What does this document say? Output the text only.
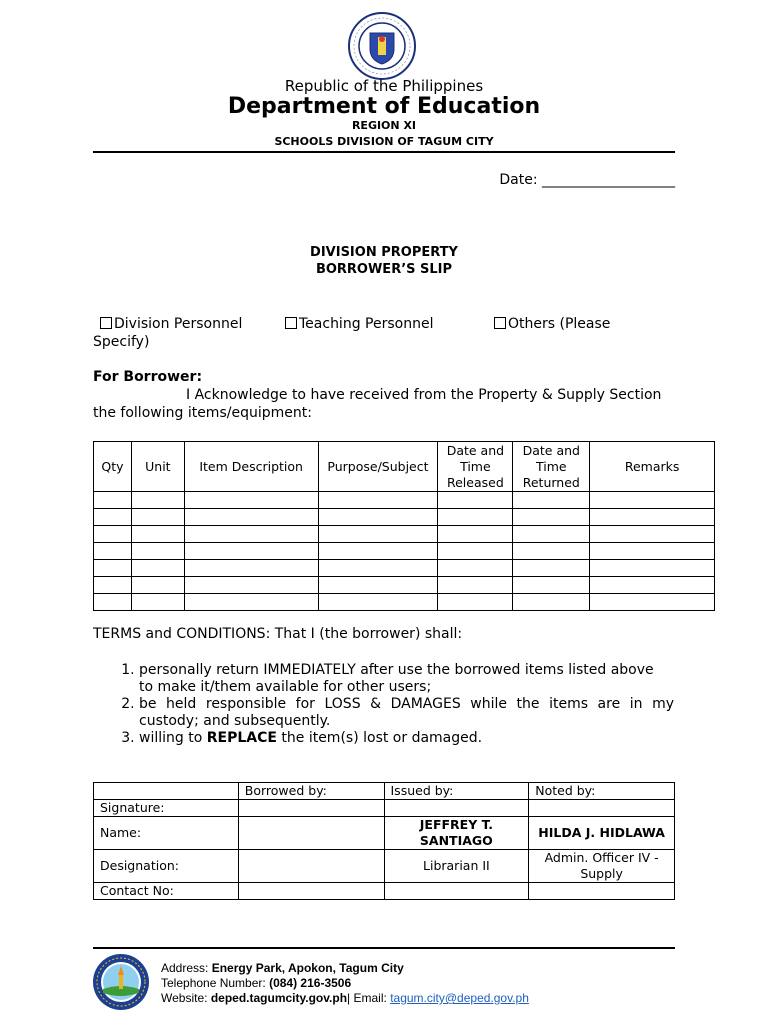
Republic of the Philippines
Department of Education
REGION XI
SCHOOLS DIVISION OF TAGUM CITY
Date: ___________________
DIVISION PROPERTY
BORROWER’S SLIP
Division Personnel	Teaching Personnel	Others (Please
Specify)
For Borrower:
I Acknowledge to have received from the Property & Supply Section
the following items/equipment:
Qty	Unit	Item Description	Purpose/Subject	Date and Time Released	Date and Time Returned	Remarks

TERMS and CONDITIONS: That I (the borrower) shall:
1. personally return IMMEDIATELY after use the borrowed items listed above
to make it/them available for other users;
2. be held responsible for LOSS & DAMAGES while the items are in my
custody; and subsequently.
3. willing to REPLACE the item(s) lost or damaged.
	Borrowed by:	Issued by:	Noted by:
Signature:			
Name:		JEFFREY T. SANTIAGO	HILDA J. HIDLAWA
Designation:		Librarian II	Admin. Officer IV - Supply
Contact No:			
Address: Energy Park, Apokon, Tagum City
Telephone Number: (084) 216-3506
Website: deped.tagumcity.gov.ph| Email: tagum.city@deped.gov.ph
